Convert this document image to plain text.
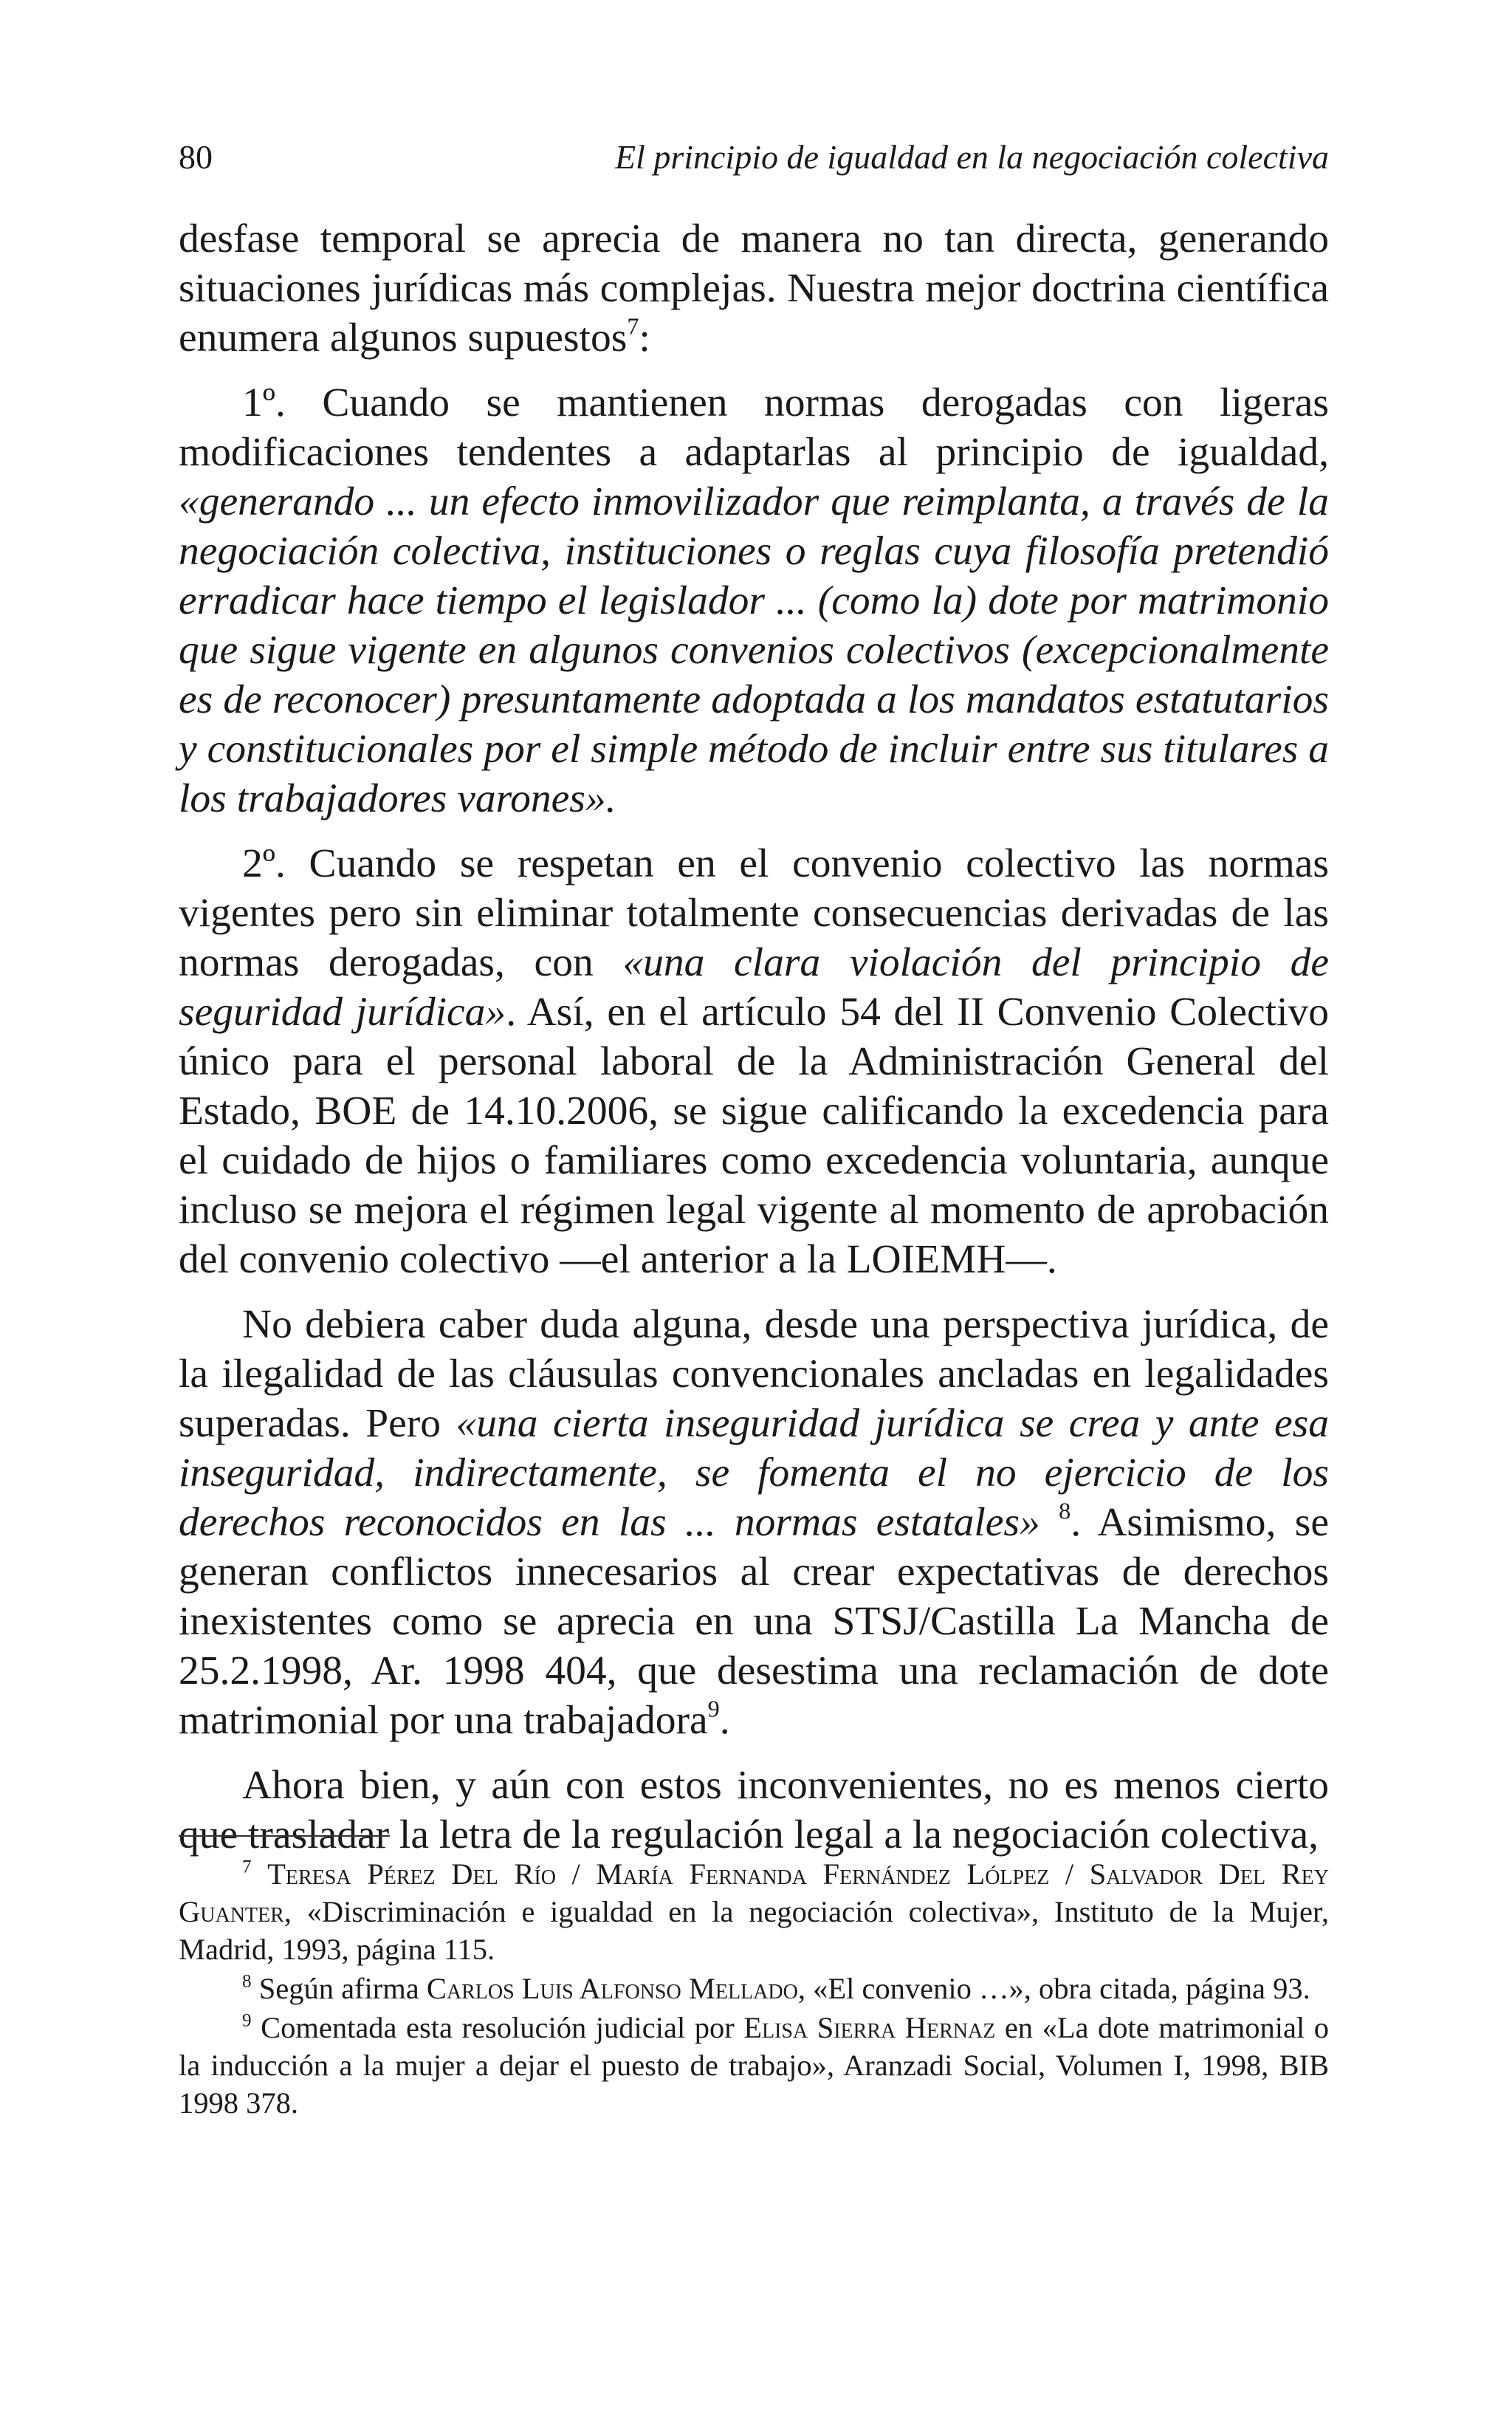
80	El principio de igualdad en la negociación colectiva

desfase temporal se aprecia de manera no tan directa, generando situaciones jurídicas más complejas. Nuestra mejor doctrina científica enumera algunos supuestos$^7$:

1º. Cuando se mantienen normas derogadas con ligeras modificaciones tendentes a adaptarlas al principio de igualdad, «generando ... un efecto inmovilizador que reimplanta, a través de la negociación colectiva, instituciones o reglas cuya filosofía pretendió erradicar hace tiempo el legislador ... (como la) dote por matrimonio que sigue vigente en algunos convenios colectivos (excepcionalmente es de reconocer) presuntamente adoptada a los mandatos estatutarios y constitucionales por el simple método de incluir entre sus titulares a los trabajadores varones».

2º. Cuando se respetan en el convenio colectivo las normas vigentes pero sin eliminar totalmente consecuencias derivadas de las normas derogadas, con «una clara violación del principio de seguridad jurídica». Así, en el artículo 54 del II Convenio Colectivo único para el personal laboral de la Administración General del Estado, BOE de 14.10.2006, se sigue calificando la excedencia para el cuidado de hijos o familiares como excedencia voluntaria, aunque incluso se mejora el régimen legal vigente al momento de aprobación del convenio colectivo —el anterior a la LOIEMH—.

No debiera caber duda alguna, desde una perspectiva jurídica, de la ilegalidad de las cláusulas convencionales ancladas en legalidades superadas. Pero «una cierta inseguridad jurídica se crea y ante esa inseguridad, indirectamente, se fomenta el no ejercicio de los derechos reconocidos en las ... normas estatales» $^8$. Asimismo, se generan conflictos innecesarios al crear expectativas de derechos inexistentes como se aprecia en una STSJ/Castilla La Mancha de 25.2.1998, Ar. 1998 404, que desestima una reclamación de dote matrimonial por una trabajadora$^9$.

Ahora bien, y aún con estos inconvenientes, no es menos cierto que trasladar la letra de la regulación legal a la negociación colectiva,

$^7$ Teresa Pérez Del Río / María Fernanda Fernández Lólpez / Salvador Del Rey Guanter, «Discriminación e igualdad en la negociación colectiva», Instituto de la Mujer, Madrid, 1993, página 115.

$^8$ Según afirma Carlos Luis Alfonso Mellado, «El convenio …», obra citada, página 93.

$^9$ Comentada esta resolución judicial por Elisa Sierra Hernaz en «La dote matrimonial o la inducción a la mujer a dejar el puesto de trabajo», Aranzadi Social, Volumen I, 1998, BIB 1998 378.
